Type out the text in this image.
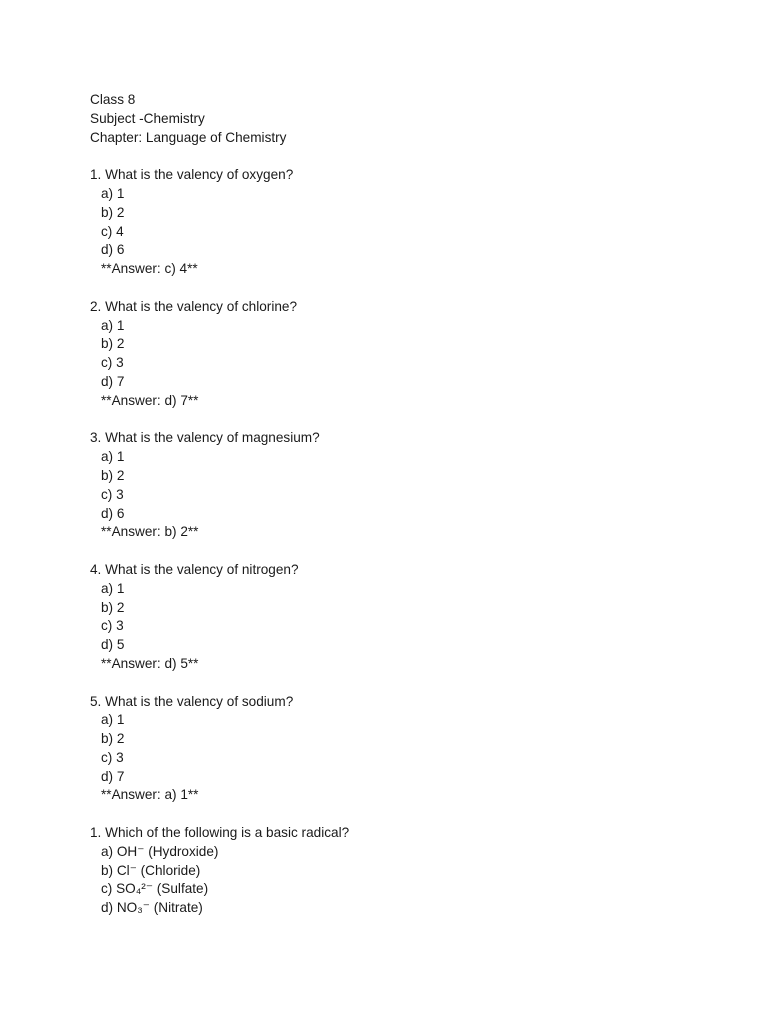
Class 8
Subject -Chemistry
Chapter: Language of Chemistry
1. What is the valency of oxygen?
a) 1
b) 2
c) 4
d) 6
**Answer: c) 4**
2. What is the valency of chlorine?
a) 1
b) 2
c) 3
d) 7
**Answer: d) 7**
3. What is the valency of magnesium?
a) 1
b) 2
c) 3
d) 6
**Answer: b) 2**
4. What is the valency of nitrogen?
a) 1
b) 2
c) 3
d) 5
**Answer: d) 5**
5. What is the valency of sodium?
a) 1
b) 2
c) 3
d) 7
**Answer: a) 1**
1. Which of the following is a basic radical?
a) OH⁻ (Hydroxide)
b) Cl⁻ (Chloride)
c) SO₄²⁻ (Sulfate)
d) NO₃⁻ (Nitrate)
